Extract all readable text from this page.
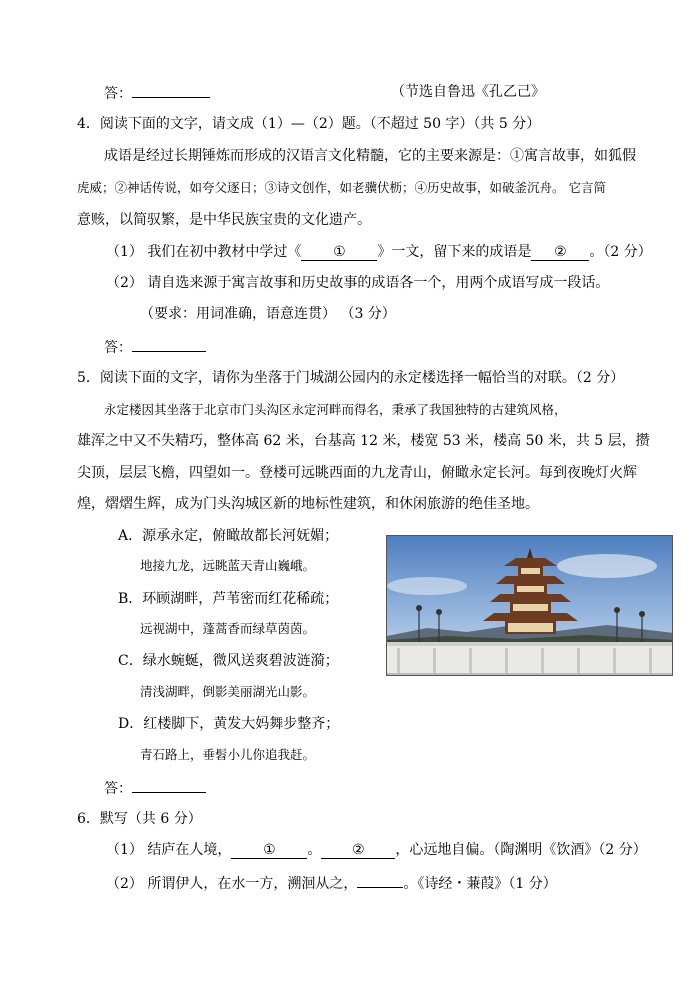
答：	（节选自鲁迅《孔乙己》
4．阅读下面的文字，请文成（1）—（2）题。（不超过 50 字）（共 5 分）
成语是经过长期锤炼而形成的汉语言文化精髓，它的主要来源是：①寓言故事，如狐假
虎威；②神话传说，如夸父逐日；③诗文创作，如老骥伏枥；④历史故事，如破釜沉舟。 它言简
意赅，以简驭繁，是中华民族宝贵的文化遗产。
（1） 我们在初中教材中学过《 ① 》一文，留下来的成语是 ② 。（2 分）
（2） 请自选来源于寓言故事和历史故事的成语各一个，用两个成语写成一段话。
（要求：用词准确，语意连贯） （3 分）
答：
5．阅读下面的文字，请你为坐落于门城湖公园内的永定楼选择一幅恰当的对联。（2 分）
永定楼因其坐落于北京市门头沟区永定河畔而得名，秉承了我国独特的古建筑风格，
雄浑之中又不失精巧，整体高 62 米，台基高 12 米，楼宽 53 米，楼高 50 米，共 5 层，攒
尖顶，层层飞檐，四望如一。登楼可远眺西面的九龙青山，俯瞰永定长河。每到夜晚灯火辉
煌，熠熠生辉，成为门头沟城区新的地标性建筑，和休闲旅游的绝佳圣地。
A．源承永定，俯瞰故都长河妩媚；
地接九龙，远眺蓝天青山巍峨。
B．环顾湖畔，芦苇密而红花稀疏；
远视湖中，蓬蒿香而绿草茵茵。
C．绿水蜿蜒，微风送爽碧波涟漪；
清浅湖畔，倒影美丽湖光山影。
D．红楼脚下，黄发大妈舞步整齐；
青石路上，垂髫小儿你追我赶。
答：
6．默写（共 6 分）
（1） 结庐在人境， ① 。 ② ，心远地自偏。（陶渊明《饮酒》（2 分）
（2） 所谓伊人，在水一方，溯洄从之，	。《诗经・蒹葭》（1 分）
